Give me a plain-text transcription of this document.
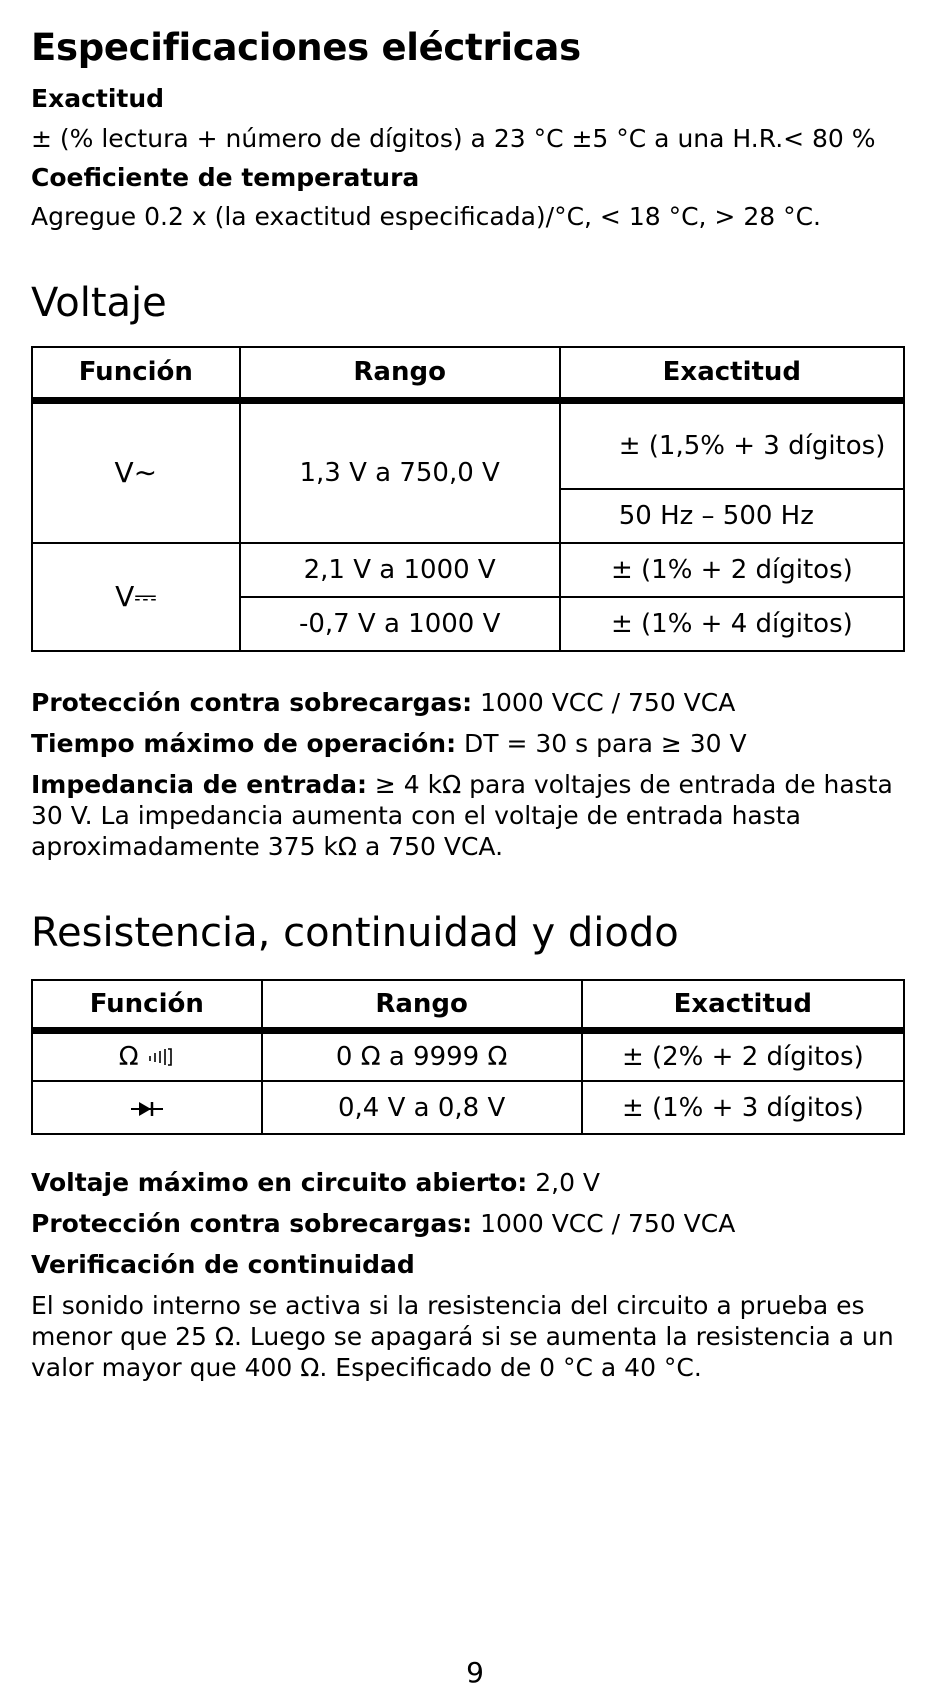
Especificaciones eléctricas

Exactitud

± (% lectura + número de dígitos) a 23 °C ±5 °C a una H.R.< 80 %

Coeficiente de temperatura

Agregue 0.2 x (la exactitud especificada)/°C, < 18 °C, > 28 °C.

Voltaje
Función	Rango	Exactitud
V∼	1,3 V a 750,0 V	± (1,5% + 3 dígitos)
		50 Hz – 500 Hz
V⎓	2,1 V a 1000 V	± (1% + 2 dígitos)
	-0,7 V a 1000 V	± (1% + 4 dígitos)

Protección contra sobrecargas: 1000 VCC / 750 VCA

Tiempo máximo de operación: DT = 30 s para ≥ 30 V

Impedancia de entrada: ≥ 4 kΩ para voltajes de entrada de hasta 30 V. La impedancia aumenta con el voltaje de entrada hasta aproximadamente 375 kΩ a 750 VCA.

Resistencia, continuidad y diodo
Función	Rango	Exactitud
Ω	0 Ω a 9999 Ω	± (2% + 2 dígitos)
	0,4 V a 0,8 V	± (1% + 3 dígitos)

Voltaje máximo en circuito abierto: 2,0 V

Protección contra sobrecargas: 1000 VCC / 750 VCA

Verificación de continuidad

El sonido interno se activa si la resistencia del circuito a prueba es menor que 25 Ω. Luego se apagará si se aumenta la resistencia a un valor mayor que 400 Ω. Especificado de 0 °C a 40 °C.

9
